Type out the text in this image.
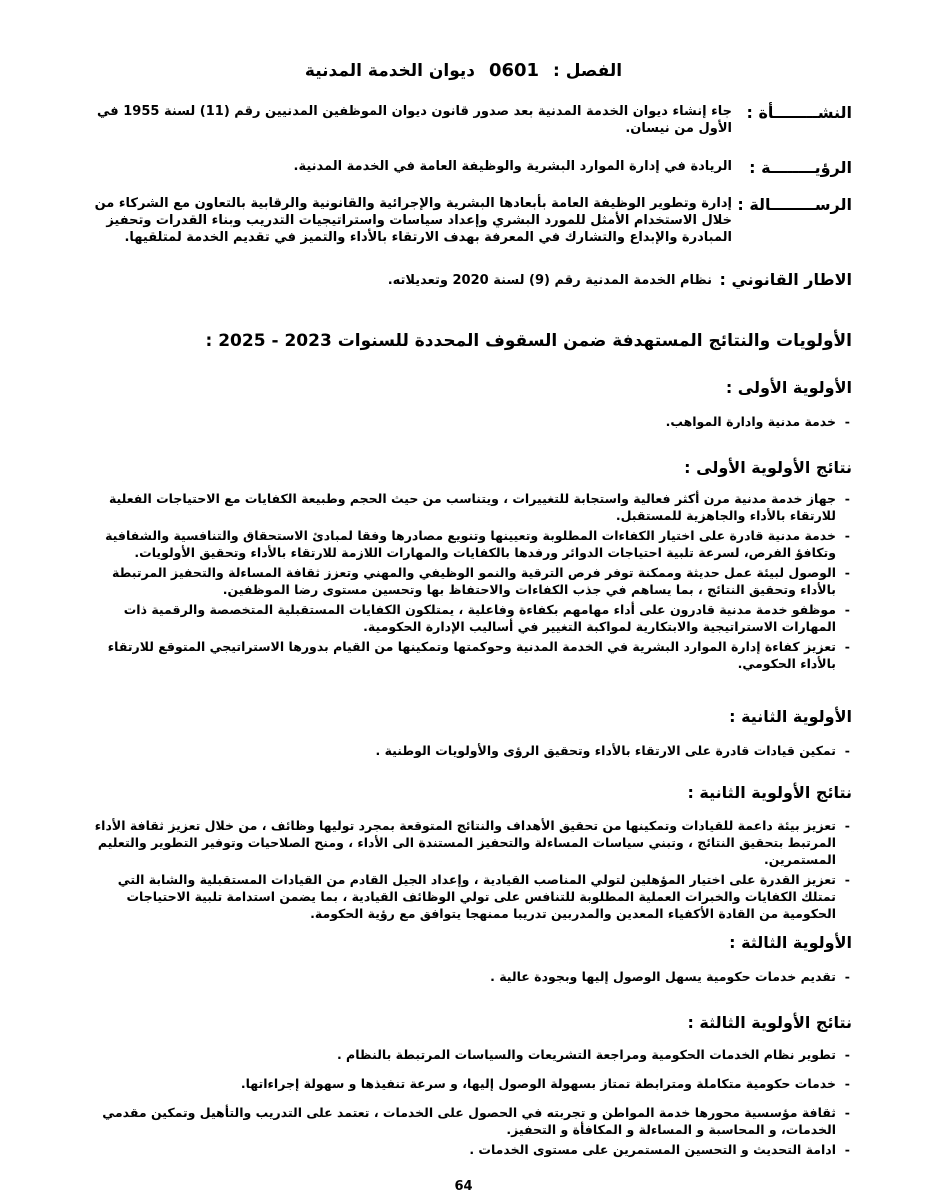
الفصل : 0601 ديوان الخدمة المدنية
النشــــــــأة :
جاء إنشاء ديوان الخدمة المدنية بعد صدور قانون ديوان الموظفين المدنيين رقم (11) لسنة 1955 في الأول من نيسان.
الرؤيــــــــة :
الريادة في إدارة الموارد البشرية والوظيفة العامة في الخدمة المدنية.
الرســــــــالة :
إدارة وتطوير الوظيفة العامة بأبعادها البشرية والإجرائية والقانونية والرقابية بالتعاون مع الشركاء من خلال الاستخدام الأمثل للمورد البشري وإعداد سياسات واستراتيجيات التدريب وبناء القدرات وتحفيز المبادرة والإبداع والتشارك في المعرفة بهدف الارتقاء بالأداء والتميز في تقديم الخدمة لمتلقيها.
الاطار القانوني :
نظام الخدمة المدنية رقم (9) لسنة 2020 وتعديلاته.
الأولويات والنتائج المستهدفة ضمن السقوف المحددة للسنوات 2023 - 2025 :
الأولوية الأولى :
- خدمة مدنية وادارة المواهب.
نتائج الأولوية الأولى :
- جهاز خدمة مدنية مرن أكثر فعالية واستجابة للتغييرات ، ويتناسب من حيث الحجم وطبيعة الكفايات مع الاحتياجات الفعلية للارتقاء بالأداء والجاهزية للمستقبل.
- خدمة مدنية قادرة على اختيار الكفاءات المطلوبة وتعيينها وتنويع مصادرها وفقا لمبادئ الاستحقاق والتنافسية والشفافية وتكافؤ الفرص، لسرعة تلبية احتياجات الدوائر ورفدها بالكفايات والمهارات اللازمة للارتقاء بالأداء وتحقيق الأولويات.
- الوصول لبيئة عمل حديثة وممكنة توفر فرص الترقية والنمو الوظيفي والمهني وتعزز ثقافة المساءلة والتحفيز المرتبطة بالأداء وتحقيق النتائج ، بما يساهم في جذب الكفاءات والاحتفاظ بها وتحسين مستوى رضا الموظفين.
- موظفو خدمة مدنية قادرون على أداء مهامهم بكفاءة وفاعلية ، يمتلكون الكفايات المستقبلية المتخصصة والرقمية ذات المهارات الاستراتيجية والابتكارية لمواكبة التغيير في أساليب الإدارة الحكومية.
- تعزيز كفاءة إدارة الموارد البشرية في الخدمة المدنية وحوكمتها وتمكينها من القيام بدورها الاستراتيجي المتوقع للارتقاء بالأداء الحكومي.
الأولوية الثانية :
- تمكين قيادات قادرة على الارتقاء بالأداء وتحقيق الرؤى والأولويات الوطنية .
نتائج الأولوية الثانية :
- تعزيز بيئة داعمة للقيادات وتمكينها من تحقيق الأهداف والنتائج المتوقعة بمجرد توليها وظائف ، من خلال تعزيز ثقافة الأداء المرتبط بتحقيق النتائج ، وتبني سياسات المساءلة والتحفيز المستندة الى الأداء ، ومنح الصلاحيات وتوفير التطوير والتعليم المستمرين.
- تعزيز القدرة على اختيار المؤهلين لتولي المناصب القيادية ، وإعداد الجيل القادم من القيادات المستقبلية والشابة التي تمتلك الكفايات والخبرات العملية المطلوبة للتنافس على تولي الوظائف القيادية ، بما يضمن استدامة تلبية الاحتياجات الحكومية من القادة الأكفياء المعدين والمدربين تدريبا ممنهجا يتوافق مع رؤية الحكومة.
الأولوية الثالثة :
- تقديم خدمات حكومية يسهل الوصول إليها وبجودة عالية .
نتائج الأولوية الثالثة :
- تطوير نظام الخدمات الحكومية ومراجعة التشريعات والسياسات المرتبطة بالنظام .
- خدمات حكومية متكاملة ومترابطة تمتاز بسهولة الوصول إليها، و سرعة تنفيذها و سهولة إجراءاتها.
- ثقافة مؤسسية محورها خدمة المواطن و تجربته في الحصول على الخدمات ، تعتمد على التدريب والتأهيل وتمكين مقدمي الخدمات، و المحاسبة و المساءلة و المكافأة و التحفيز.
- ادامة التحديث و التحسين المستمرين على مستوى الخدمات .
64
